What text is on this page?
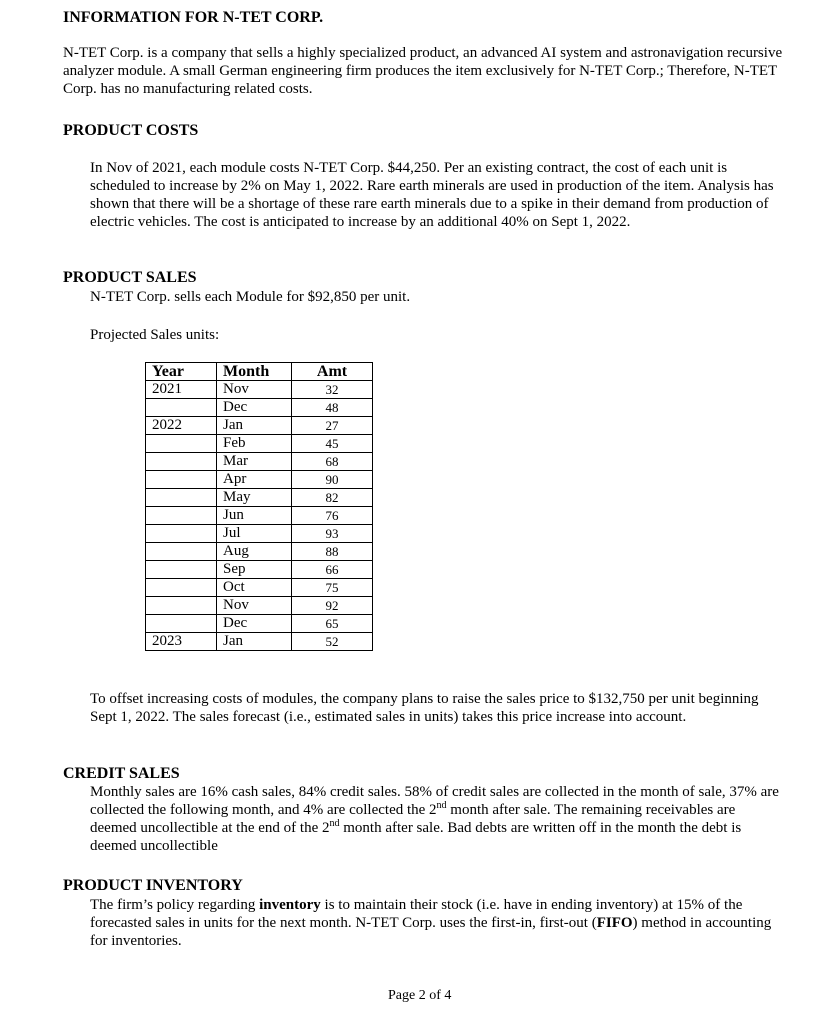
INFORMATION FOR N-TET CORP.

N-TET Corp. is a company that sells a highly specialized product, an advanced AI system and astronavigation recursive analyzer module. A small German engineering firm produces the item exclusively for N-TET Corp.; Therefore, N-TET Corp. has no manufacturing related costs.

PRODUCT COSTS

In Nov of 2021, each module costs N-TET Corp. $44,250. Per an existing contract, the cost of each unit is scheduled to increase by 2% on May 1, 2022. Rare earth minerals are used in production of the item. Analysis has shown that there will be a shortage of these rare earth minerals due to a spike in their demand from production of electric vehicles. The cost is anticipated to increase by an additional 40% on Sept 1, 2022.

PRODUCT SALES

N-TET Corp. sells each Module for $92,850 per unit.

Projected Sales units:

Year	Month	Amt
2021	Nov	32
	Dec	48
2022	Jan	27
	Feb	45
	Mar	68
	Apr	90
	May	82
	Jun	76
	Jul	93
	Aug	88
	Sep	66
	Oct	75
	Nov	92
	Dec	65
2023	Jan	52

To offset increasing costs of modules, the company plans to raise the sales price to $132,750 per unit beginning Sept 1, 2022. The sales forecast (i.e., estimated sales in units) takes this price increase into account.

CREDIT SALES

Monthly sales are 16% cash sales, 84% credit sales. 58% of credit sales are collected in the month of sale, 37% are collected the following month, and 4% are collected the 2nd month after sale. The remaining receivables are deemed uncollectible at the end of the 2nd month after sale. Bad debts are written off in the month the debt is deemed uncollectible

PRODUCT INVENTORY

The firm’s policy regarding inventory is to maintain their stock (i.e. have in ending inventory) at 15% of the forecasted sales in units for the next month. N-TET Corp. uses the first-in, first-out (FIFO) method in accounting for inventories.

Page 2 of 4
